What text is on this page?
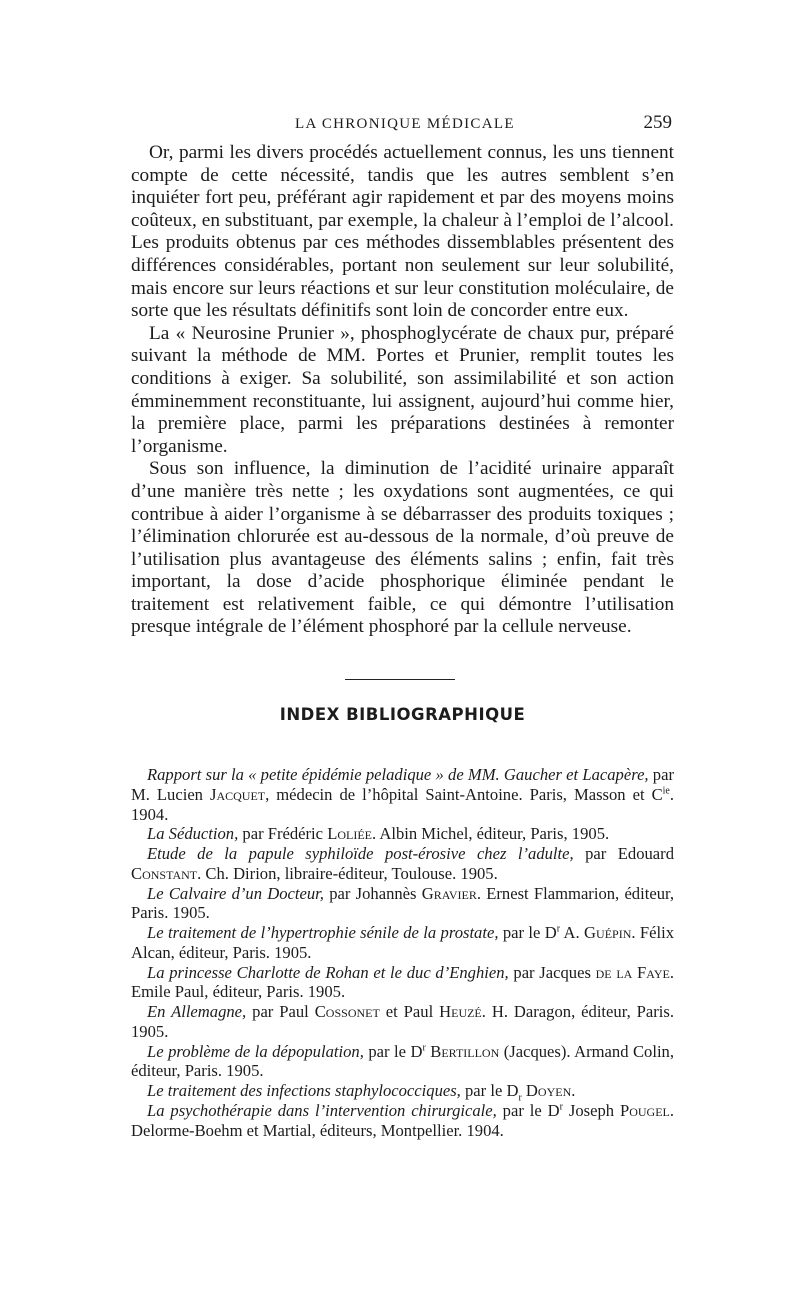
LA CHRONIQUE MÉDICALE	259

Or, parmi les divers procédés actuellement connus, les uns tiennent compte de cette nécessité, tandis que les autres semblent s’en inquiéter fort peu, préférant agir rapidement et par des moyens moins coûteux, en substituant, par exemple, la chaleur à l’emploi de l’alcool. Les produits obtenus par ces méthodes dissemblables présentent des différences considérables, portant non seulement sur leur solubilité, mais encore sur leurs réactions et sur leur constitution moléculaire, de sorte que les résultats définitifs sont loin de concorder entre eux.

La « Neurosine Prunier », phosphoglycérate de chaux pur, préparé suivant la méthode de MM. Portes et Prunier, remplit toutes les conditions à exiger. Sa solubilité, son assimilabilité et son action émminemment reconstituante, lui assignent, aujourd’hui comme hier, la première place, parmi les préparations destinées à remonter l’organisme.

Sous son influence, la diminution de l’acidité urinaire apparaît d’une manière très nette ; les oxydations sont augmentées, ce qui contribue à aider l’organisme à se débarrasser des produits toxiques ; l’élimination chlorurée est au-dessous de la normale, d’où preuve de l’utilisation plus avantageuse des éléments salins ; enfin, fait très important, la dose d’acide phosphorique éliminée pendant le traitement est relativement faible, ce qui démontre l’utilisation presque intégrale de l’élément phosphoré par la cellule nerveuse.

INDEX BIBLIOGRAPHIQUE

Rapport sur la « petite épidémie peladique » de MM. Gaucher et Lacapère, par M. Lucien Jacquet, médecin de l’hôpital Saint-Antoine. Paris, Masson et $C^{ie}$. 1904.

La Séduction, par Frédéric Loliée. Albin Michel, éditeur, Paris, 1905.

Etude de la papule syphiloïde post-érosive chez l’adulte, par Edouard Constant. Ch. Dirion, libraire-éditeur, Toulouse. 1905.

Le Calvaire d’un Docteur, par Johannès Gravier. Ernest Flammarion, éditeur, Paris. 1905.

Le traitement de l’hypertrophie sénile de la prostate, par le $D^r$ A. Guépin. Félix Alcan, éditeur, Paris. 1905.

La princesse Charlotte de Rohan et le duc d’Enghien, par Jacques de la Faye. Emile Paul, éditeur, Paris. 1905.

En Allemagne, par Paul Cossonet et Paul Heuzé. H. Daragon, éditeur, Paris. 1905.

Le problème de la dépopulation, par le $D^r$ Bertillon (Jacques). Armand Colin, éditeur, Paris. 1905.

Le traitement des infections staphylococciques, par le $D_r$ Doyen.

La psychothérapie dans l’intervention chirurgicale, par le $D^r$ Joseph Pougel. Delorme-Boehm et Martial, éditeurs, Montpellier. 1904.
